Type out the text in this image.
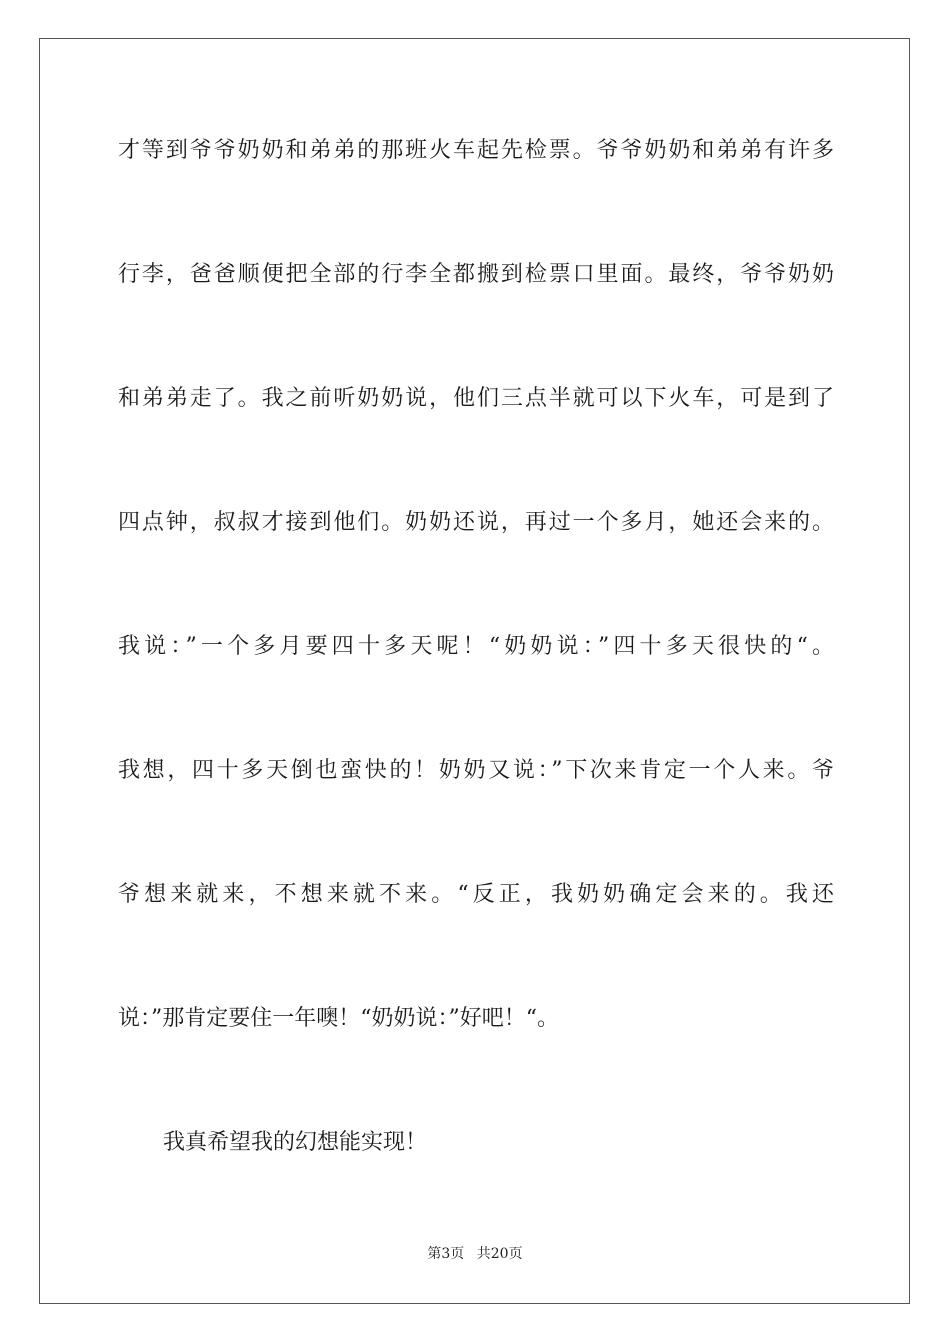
才等到爷爷奶奶和弟弟的那班火车起先检票。爷爷奶奶和弟弟有许多
行李，爸爸顺便把全部的行李全都搬到检票口里面。最终，爷爷奶奶
和弟弟走了。我之前听奶奶说，他们三点半就可以下火车，可是到了
四点钟，叔叔才接到他们。奶奶还说，再过一个多月，她还会来的。
我说：”一个多月要四十多天呢！“奶奶说：”四十多天很快的“。
我想，四十多天倒也蛮快的！奶奶又说：”下次来肯定一个人来。爷
爷想来就来，不想来就不来。“反正，我奶奶确定会来的。我还
说：”那肯定要住一年噢！“奶奶说：”好吧！“。
我真希望我的幻想能实现！
第3页 共20页
